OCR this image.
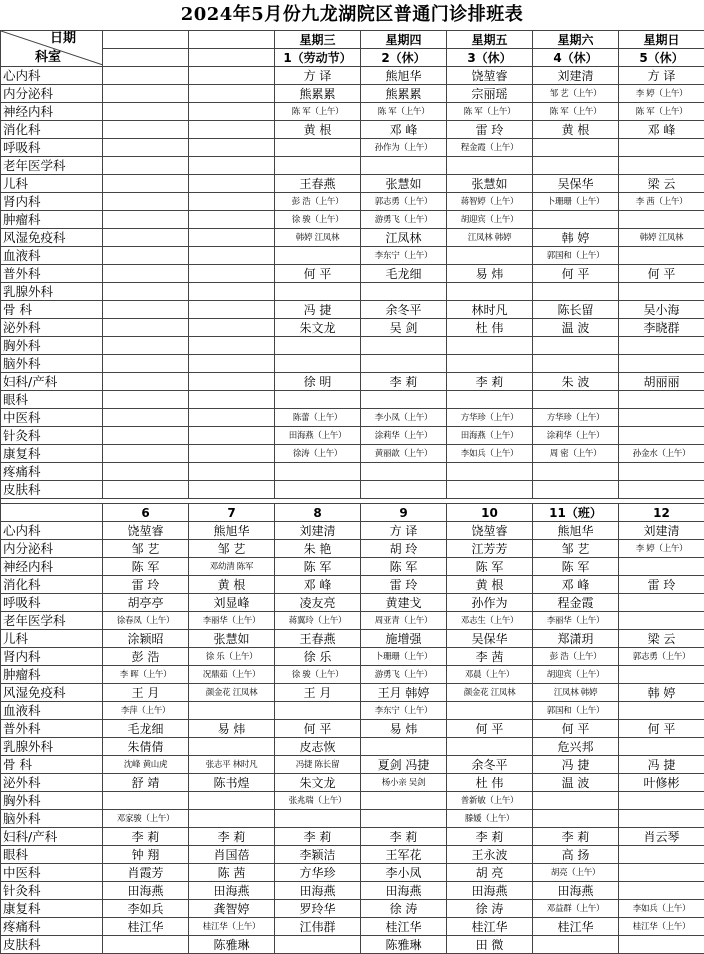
2024年5月份九龙湖院区普通门诊排班表
日期
科室			星期三	星期四	星期五	星期六	星期日
			1（劳动节）	2（休）	3（休）	4（休）	5（休）
心内科			方 译	熊旭华	饶堃睿	刘建清	方 译
内分泌科			熊累累	熊累累	宗丽瑶	邹 艺（上午）	李 婷（上午）
神经内科			陈 军（上午）	陈 军（上午）	陈 军（上午）	陈 军（上午）	陈 军（上午）
消化科			黄 根	邓 峰	雷 玲	黄 根	邓 峰
呼吸科				孙作为（上午）	程金霞（上午）		
老年医学科							
儿科			王春燕	张慧如	张慧如	吴保华	梁 云
肾内科			彭 浩（上午）	郭志勇（上午）	蒋智婷（上午）	卜珊珊（上午）	李 茜（上午）
肿瘤科			徐 骏（上午）	游勇飞（上午）	胡迎宾（上午）		
风湿免疫科			韩婷 江凤林	江凤林	江凤林 韩婷	韩 婷	韩婷 江凤林
血液科				李东宁（上午）		郭国和（上午）	
普外科			何 平	毛龙细	易 炜	何 平	何 平
乳腺外科							
骨 科			冯 捷	余冬平	林时凡	陈长留	吴小海
泌外科			朱文龙	吴 剑	杜 伟	温 波	李晓群
胸外科							
脑外科							
妇科/产科			徐 明	李 莉	李 莉	朱 波	胡丽丽
眼科							
中医科			陈蕾（上午）	李小凤（上午）	方华珍（上午）	方华珍（上午）	
针灸科			田海燕（上午）	涂莉华（上午）	田海燕（上午）	涂莉华（上午）	
康复科			徐涛（上午）	黄丽歆（上午）	李如兵（上午）	周 密（上午）	孙金水（上午）
疼痛科							
皮肤科							

	6	7	8	9	10	11（班）	12
心内科	饶堃睿	熊旭华	刘建清	方 译	饶堃睿	熊旭华	刘建清
内分泌科	邹 艺	邹 艺	朱 艳	胡 玲	江芳芳	邹 艺	李 婷（上午）
神经内科	陈 军	邓幼清 陈军	陈 军	陈 军	陈 军	陈 军	
消化科	雷 玲	黄 根	邓 峰	雷 玲	黄 根	邓 峰	雷 玲
呼吸科	胡亭亭	刘显峰	凌友亮	黄建戈	孙作为	程金霞	
老年医学科	徐春凤（上午）	李丽华（上午）	蒋翼玲（上午）	周亚青（上午）	邓志生（上午）	李丽华（上午）	
儿科	涂颖昭	张慧如	王春燕	施增强	吴保华	郑潇玥	梁 云
肾内科	彭 浩	徐 乐（上午）	徐 乐	卜珊珊（上午）	李 茜	彭 浩（上午）	郭志勇（上午）
肿瘤科	李 晖（上午）	况鼎茹（上午）	徐 骏（上午）	游勇飞（上午）	邓晨（上午）	胡迎宾（上午）	
风湿免疫科	王 月	颜金花 江凤林	王 月	王月 韩婷	颜金花 江凤林	江凤林 韩婷	韩 婷
血液科	李萍（上午）			李东宁（上午）		郭国和（上午）	
普外科	毛龙细	易 炜	何 平	易 炜	何 平	何 平	何 平
乳腺外科	朱倩倩		皮志恢			危兴邦	
骨 科	沈峰 黄山虎	张志平 林时凡	冯捷 陈长留	夏剑 冯捷	余冬平	冯 捷	冯 捷
泌外科	舒 靖	陈书煌	朱文龙	杨小亲 吴剑	杜 伟	温 波	叶修彬
胸外科			张兆瑞（上午）		普新敏（上午）		
脑外科	邓家骏（上午）				滕媛（上午）		
妇科/产科	李 莉	李 莉	李 莉	李 莉	李 莉	李 莉	肖云琴
眼科	钟 翔	肖国蓓	李颖洁	王军花	王永波	高 扬	
中医科	肖霞芳	陈 茜	方华珍	李小凤	胡 亮	胡亮（上午）	
针灸科	田海燕	田海燕	田海燕	田海燕	田海燕	田海燕	
康复科	李如兵	龚智婷	罗玲华	徐 涛	徐 涛	邓益群（上午）	李如兵（上午）
疼痛科	桂江华	桂江华（上午）	江伟群	桂江华	桂江华	桂江华	桂江华（上午）
皮肤科		陈雅琳		陈雅琳	田 微		
